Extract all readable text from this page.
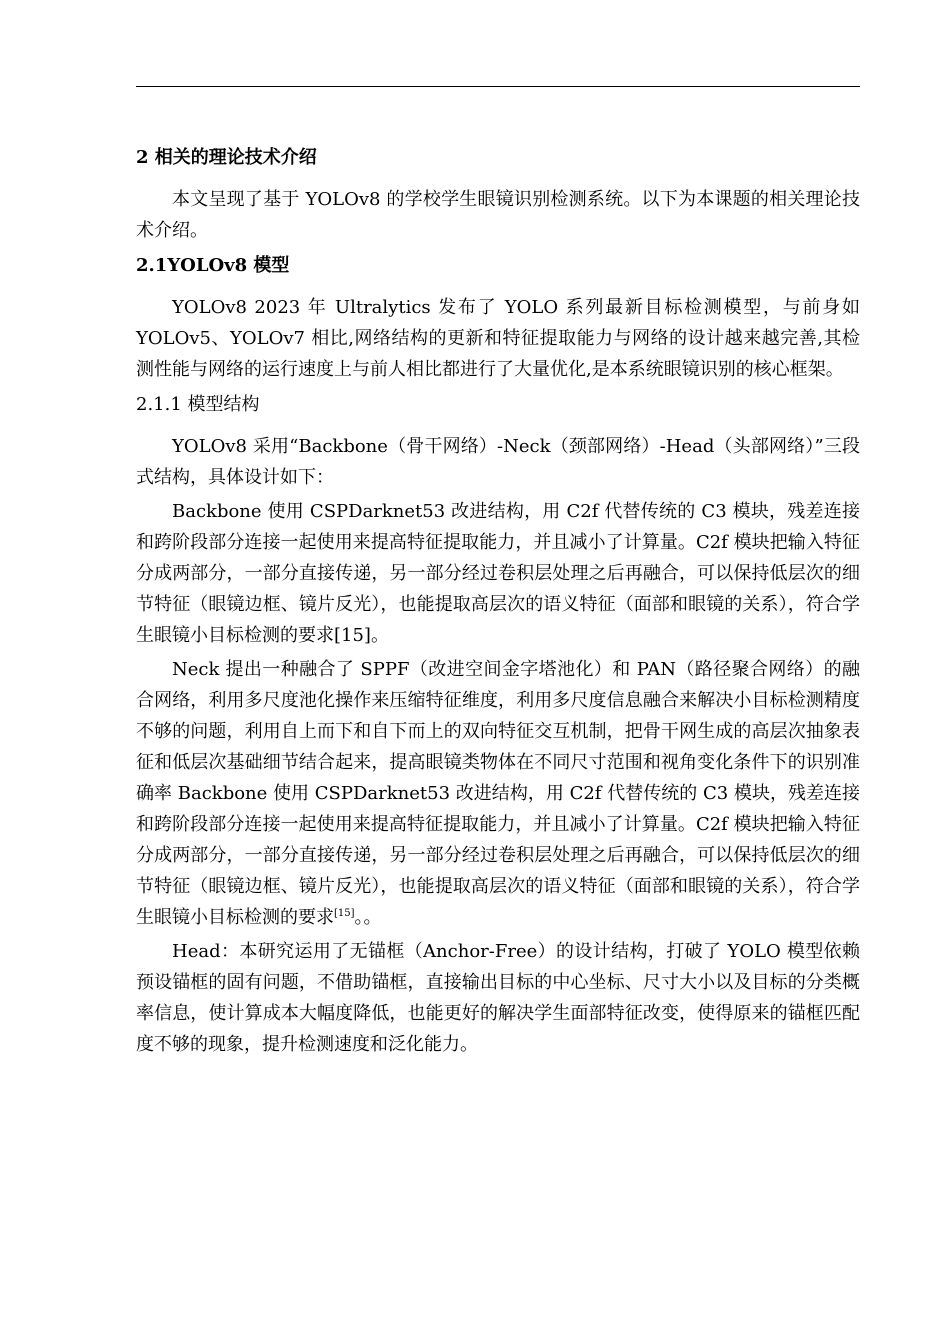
2 相关的理论技术介绍

本文呈现了基于 YOLOv8 的学校学生眼镜识别检测系统。以下为本课题的相关理论技术介绍。

2.1YOLOv8 模型

YOLOv8 2023 年 Ultralytics 发布了 YOLO 系列最新目标检测模型，与前身如 YOLOv5、YOLOv7 相比,网络结构的更新和特征提取能力与网络的设计越来越完善,其检测性能与网络的运行速度上与前人相比都进行了大量优化,是本系统眼镜识别的核心框架。

2.1.1 模型结构

YOLOv8 采用“Backbone（骨干网络）-Neck（颈部网络）-Head（头部网络）”三段式结构，具体设计如下：

Backbone 使用 CSPDarknet53 改进结构，用 C2f 代替传统的 C3 模块，残差连接和跨阶段部分连接一起使用来提高特征提取能力，并且减小了计算量。C2f 模块把输入特征分成两部分，一部分直接传递，另一部分经过卷积层处理之后再融合，可以保持低层次的细节特征（眼镜边框、镜片反光），也能提取高层次的语义特征（面部和眼镜的关系），符合学生眼镜小目标检测的要求[15]。

Neck 提出一种融合了 SPPF（改进空间金字塔池化）和 PAN（路径聚合网络）的融合网络，利用多尺度池化操作来压缩特征维度，利用多尺度信息融合来解决小目标检测精度不够的问题，利用自上而下和自下而上的双向特征交互机制，把骨干网生成的高层次抽象表征和低层次基础细节结合起来，提高眼镜类物体在不同尺寸范围和视角变化条件下的识别准确率 Backbone 使用 CSPDarknet53 改进结构，用 C2f 代替传统的 C3 模块，残差连接和跨阶段部分连接一起使用来提高特征提取能力，并且减小了计算量。C2f 模块把输入特征分成两部分，一部分直接传递，另一部分经过卷积层处理之后再融合，可以保持低层次的细节特征（眼镜边框、镜片反光），也能提取高层次的语义特征（面部和眼镜的关系），符合学生眼镜小目标检测的要求[15]。。

Head：本研究运用了无锚框（Anchor-Free）的设计结构，打破了 YOLO 模型依赖预设锚框的固有问题，不借助锚框，直接输出目标的中心坐标、尺寸大小以及目标的分类概率信息，使计算成本大幅度降低，也能更好的解决学生面部特征改变，使得原来的锚框匹配度不够的现象，提升检测速度和泛化能力。
